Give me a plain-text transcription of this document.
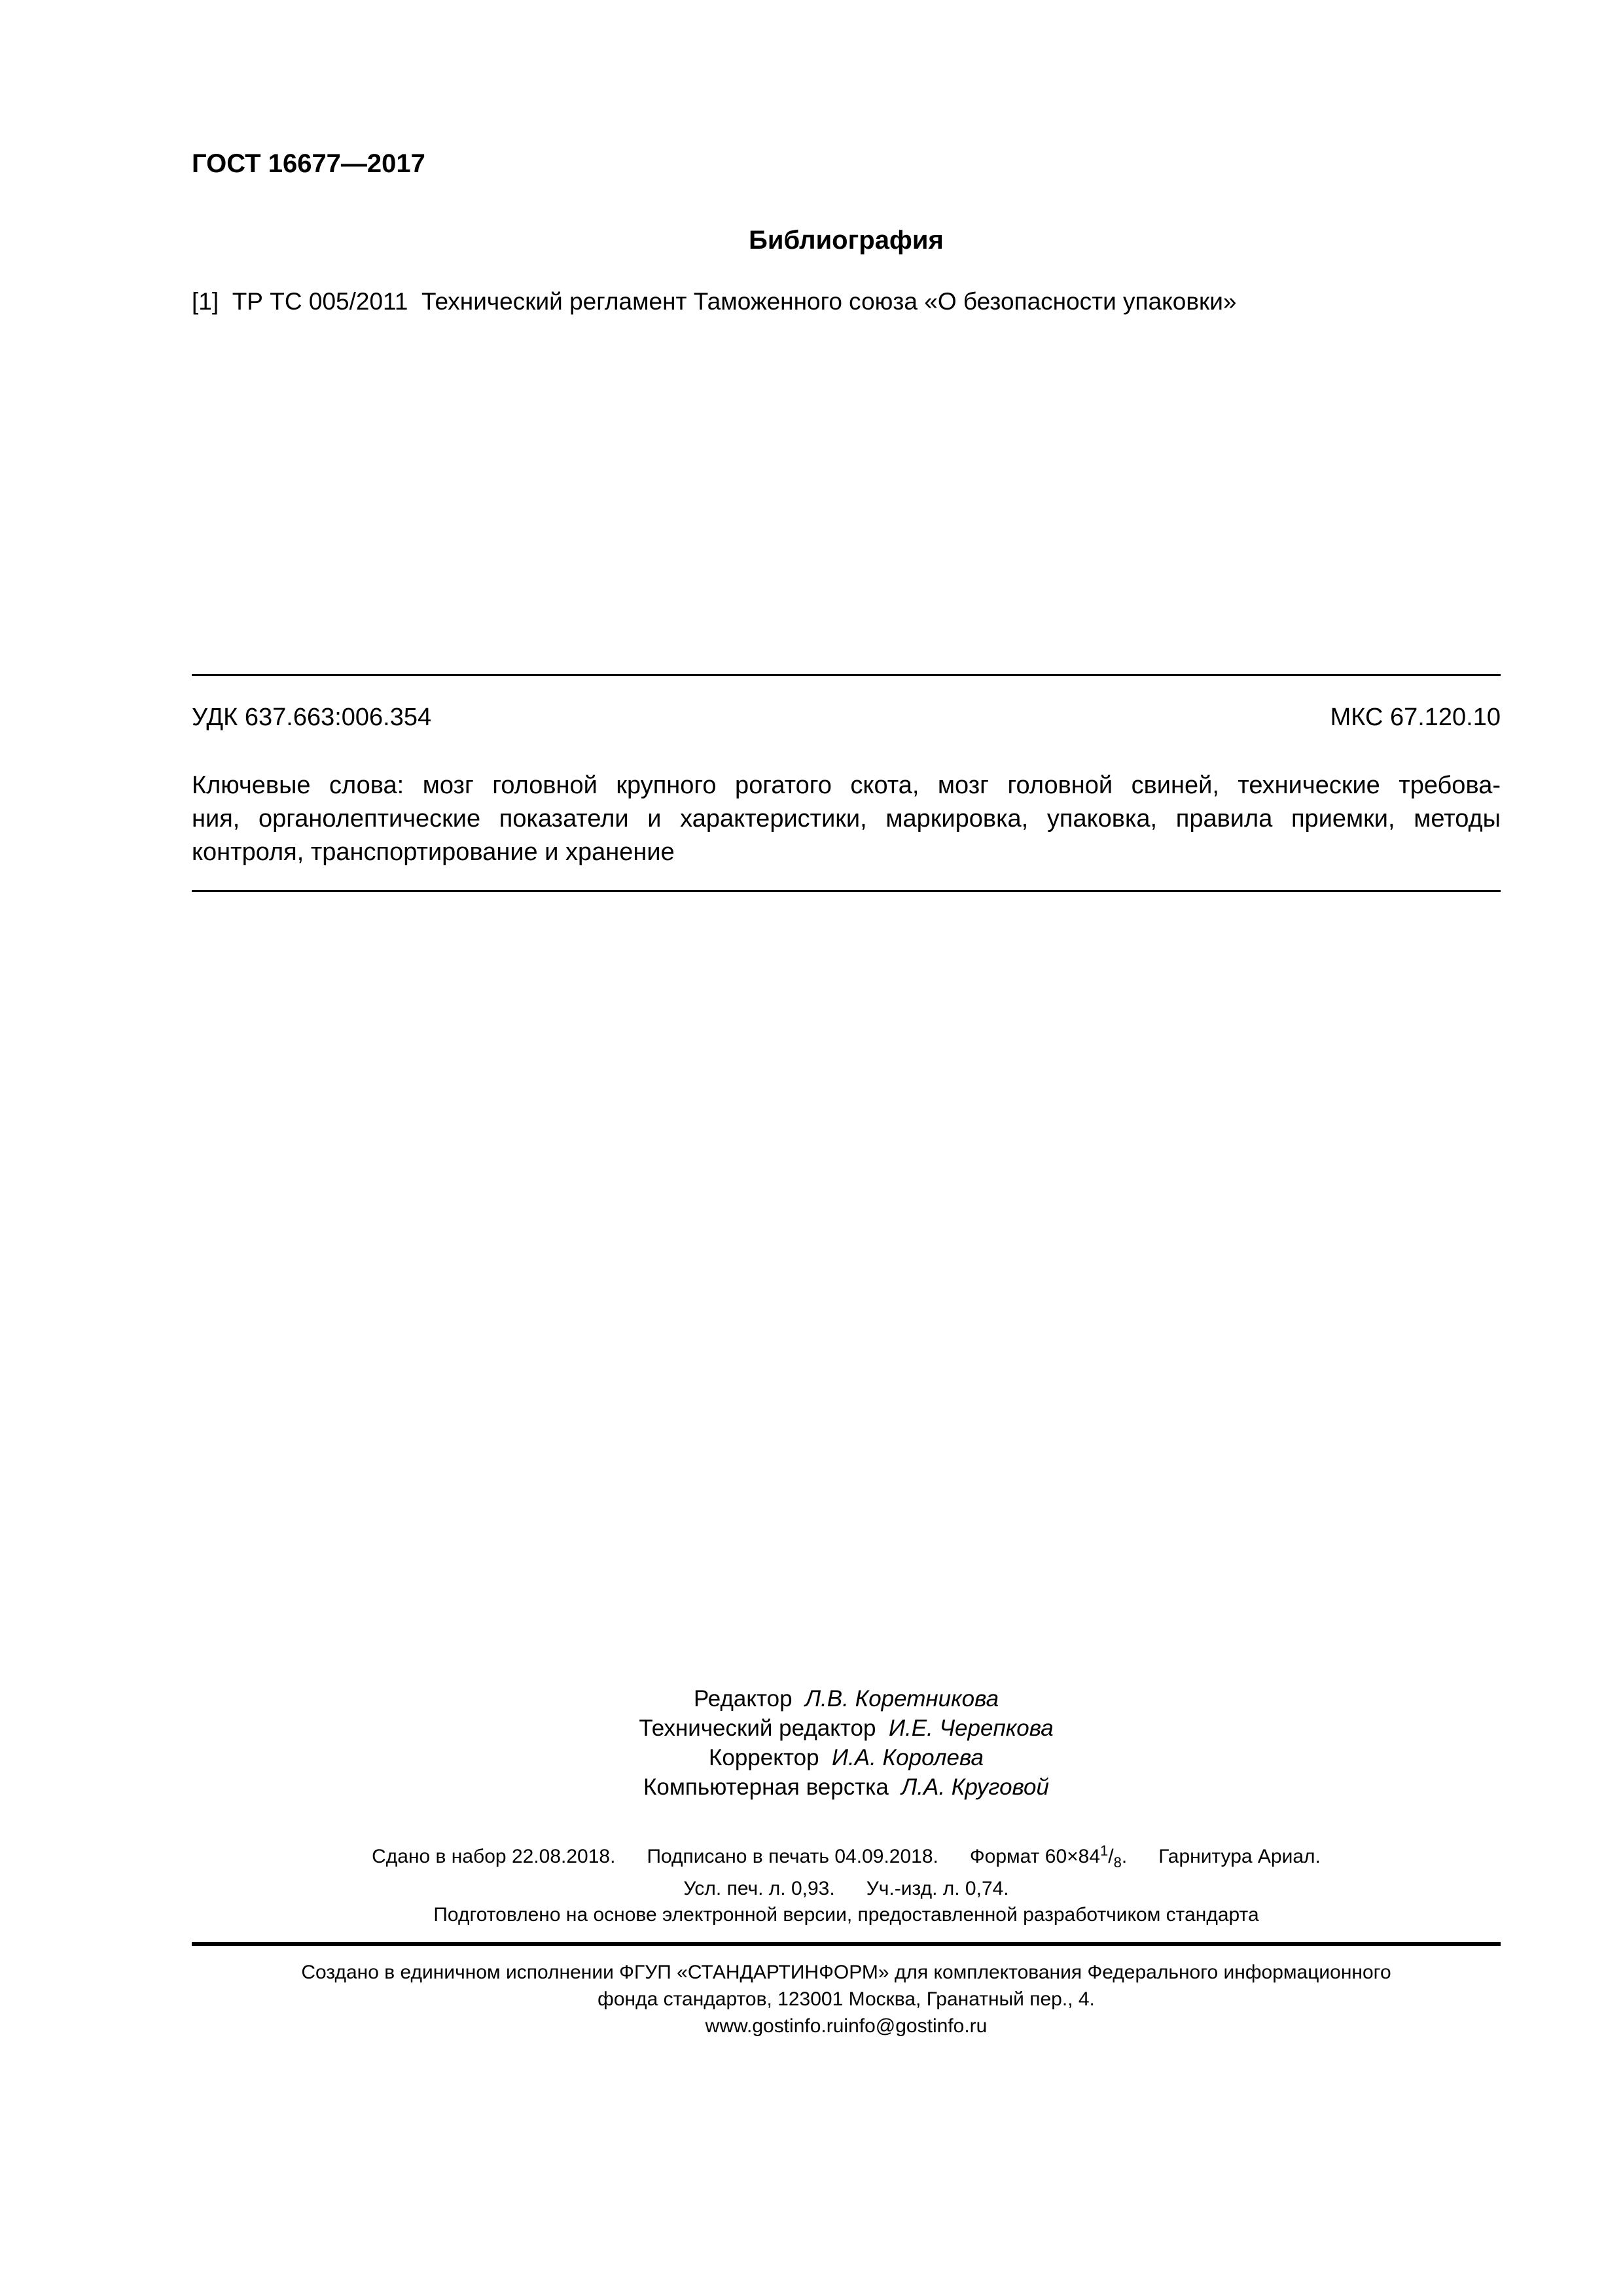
ГОСТ 16677—2017
Библиография
[1] ТР ТС 005/2011 Технический регламент Таможенного союза «О безопасности упаковки»
УДК 637.663:006.354	МКС 67.120.10
Ключевые слова: мозг головной крупного рогатого скота, мозг головной свиней, технические требова-
ния, органолептические показатели и характеристики, маркировка, упаковка, правила приемки, методы
контроля, транспортирование и хранение
Редактор Л.В. Коретникова
Технический редактор И.Е. Черепкова
Корректор И.А. Королева
Компьютерная верстка Л.А. Круговой
Сдано в набор 22.08.2018. Подписано в печать 04.09.2018. Формат $60\times 84^1/_8$. Гарнитура Ариал.
Усл. печ. л. 0,93. Уч.-изд. л. 0,74.
Подготовлено на основе электронной версии, предоставленной разработчиком стандарта
Создано в единичном исполнении ФГУП «СТАНДАРТИНФОРМ» для комплектования Федерального информационного
фонда стандартов, 123001 Москва, Гранатный пер., 4.
www.gostinfo.ruinfo@gostinfo.ru
